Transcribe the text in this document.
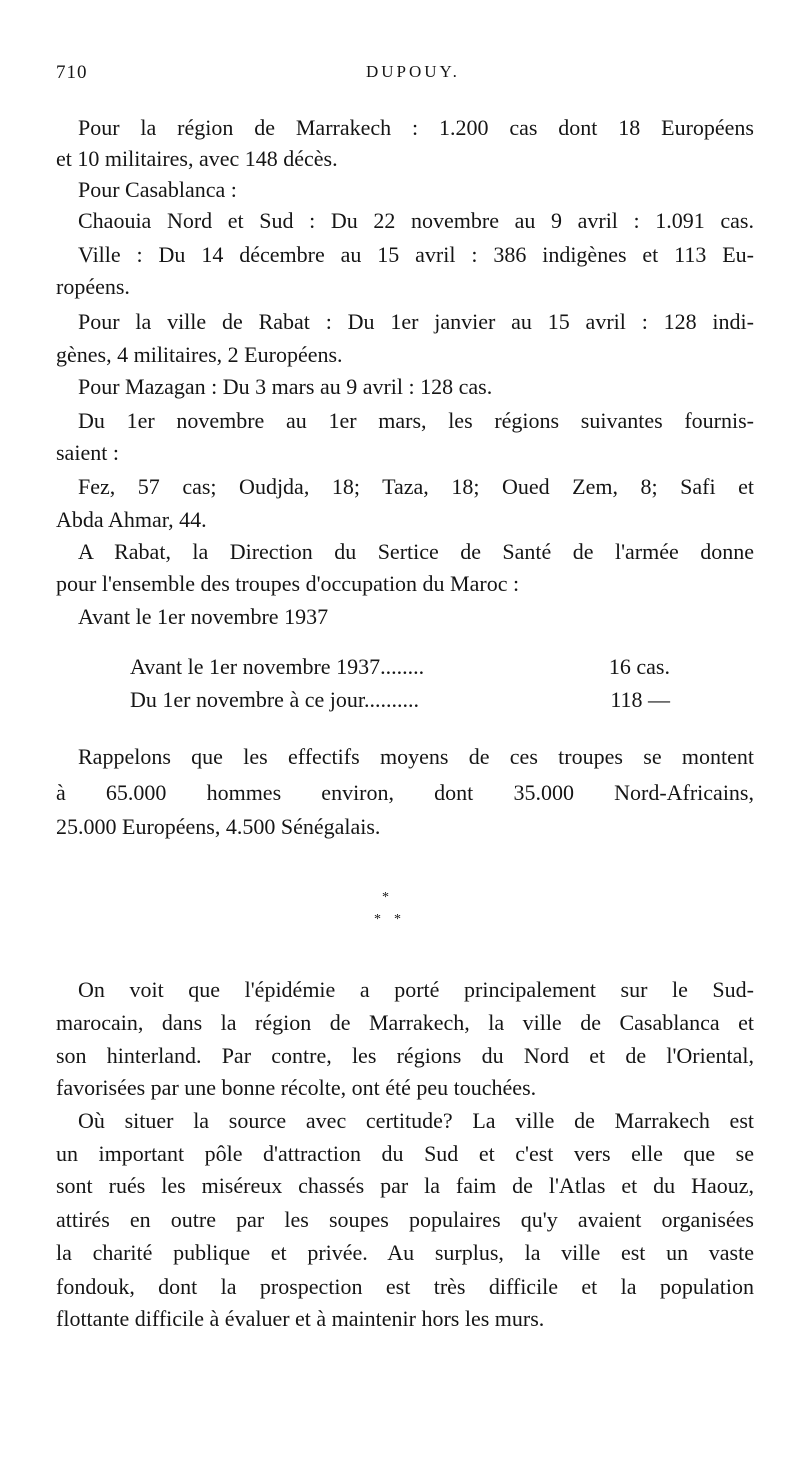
710	DUPOUY.
Pour la région de Marrakech : 1.200 cas dont 18 Européens
et 10 militaires, avec 148 décès.
Pour Casablanca :
Chaouia Nord et Sud : Du 22 novembre au 9 avril : 1.091 cas.
Ville : Du 14 décembre au 15 avril : 386 indigènes et 113 Eu-
ropéens.
Pour la ville de Rabat : Du 1er janvier au 15 avril : 128 indi-
gènes, 4 militaires, 2 Européens.
Pour Mazagan : Du 3 mars au 9 avril : 128 cas.
Du 1er novembre au 1er mars, les régions suivantes fournis-
saient :
Fez, 57 cas; Oudjda, 18; Taza, 18; Oued Zem, 8; Safi et
Abda Ahmar, 44.
A Rabat, la Direction du Sertice de Santé de l'armée donne
pour l'ensemble des troupes d'occupation du Maroc :
Avant le 1er novembre 1937
Avant le 1er novembre 1937........	16 cas.
Du 1er novembre à ce jour..........	118 —
Rappelons que les effectifs moyens de ces troupes se montent
à 65.000 hommes environ, dont 35.000 Nord-Africains,
25.000 Européens, 4.500 Sénégalais.
*
* *
On voit que l'épidémie a porté principalement sur le Sud-
marocain, dans la région de Marrakech, la ville de Casablanca et
son hinterland. Par contre, les régions du Nord et de l'Oriental,
favorisées par une bonne récolte, ont été peu touchées.
Où situer la source avec certitude? La ville de Marrakech est
un important pôle d'attraction du Sud et c'est vers elle que se
sont rués les miséreux chassés par la faim de l'Atlas et du Haouz,
attirés en outre par les soupes populaires qu'y avaient organisées
la charité publique et privée. Au surplus, la ville est un vaste
fondouk, dont la prospection est très difficile et la population
flottante difficile à évaluer et à maintenir hors les murs.
